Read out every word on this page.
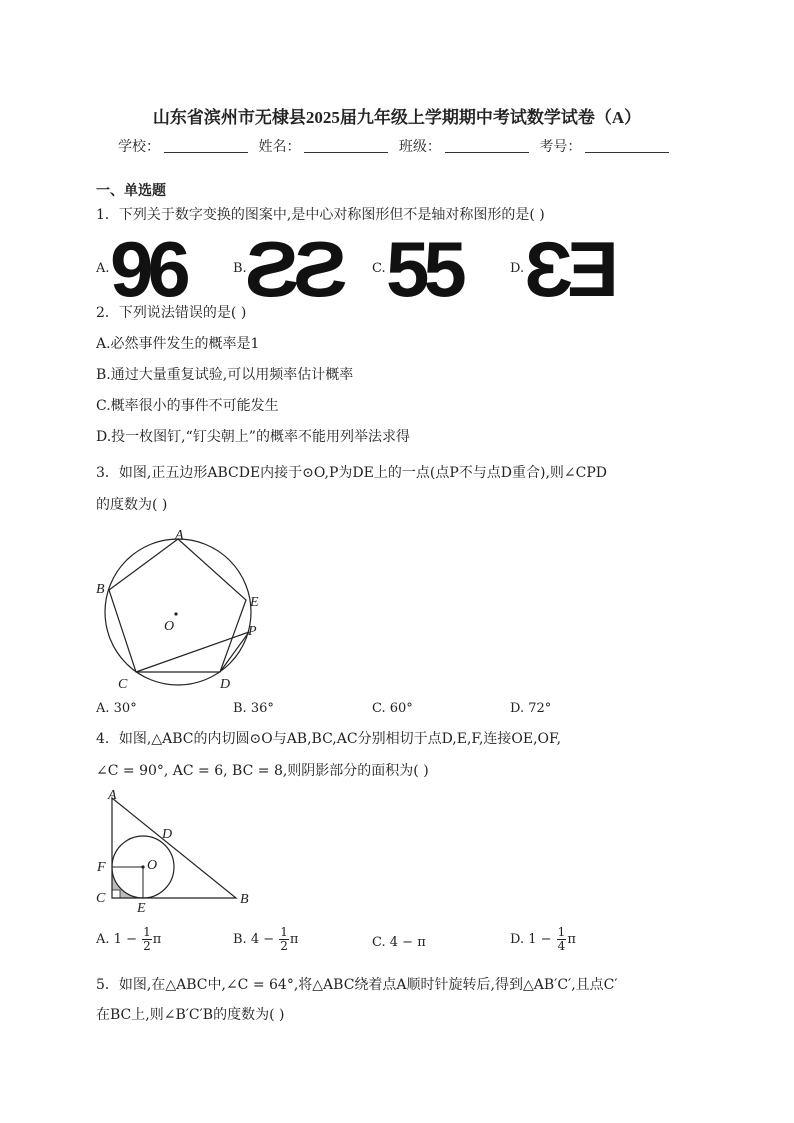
山东省滨州市无棣县2025届九年级上学期期中考试数学试卷（A）
学校：	姓名：	班级：	考号：
一、单选题
1．下列关于数字变换的图案中,是中心对称图形但不是轴对称图形的是( )
A. 96	B.
ƧƧ C. 55	D. ƐƎ
2．下列说法错误的是( )
A.必然事件发生的概率是1
B.通过大量重复试验,可以用频率估计概率
C.概率很小的事件不可能发生
D.投一枚图钉,“钉尖朝上”的概率不能用列举法求得
3．如图,正五边形ABCDE内接于⊙O,P为DE上的一点(点P不与点D重合),则∠CPD
的度数为( )
A
B
C	D
E
P
O
A. 30°	B. 36°	C. 60°	D. 72°
4．如图,△ABC的内切圆⊙O与AB,BC,AC分别相切于点D,E,F,连接OE,OF,
∠C = 90°, AC = 6, BC = 8,则阴影部分的面积为( )
A
B
C
D
E
F	O
A. $1 - \frac{1}{2}$ π	B. $4 - \frac{1}{2}$ π	C. 4 − π	D. $1 - \frac{1}{4}$ π
5．如图,在△ABC中,∠C = 64°,将△ABC绕着点A顺时针旋转后,得到△AB′C′,且点C′
在BC上,则∠B′C′B的度数为( )
